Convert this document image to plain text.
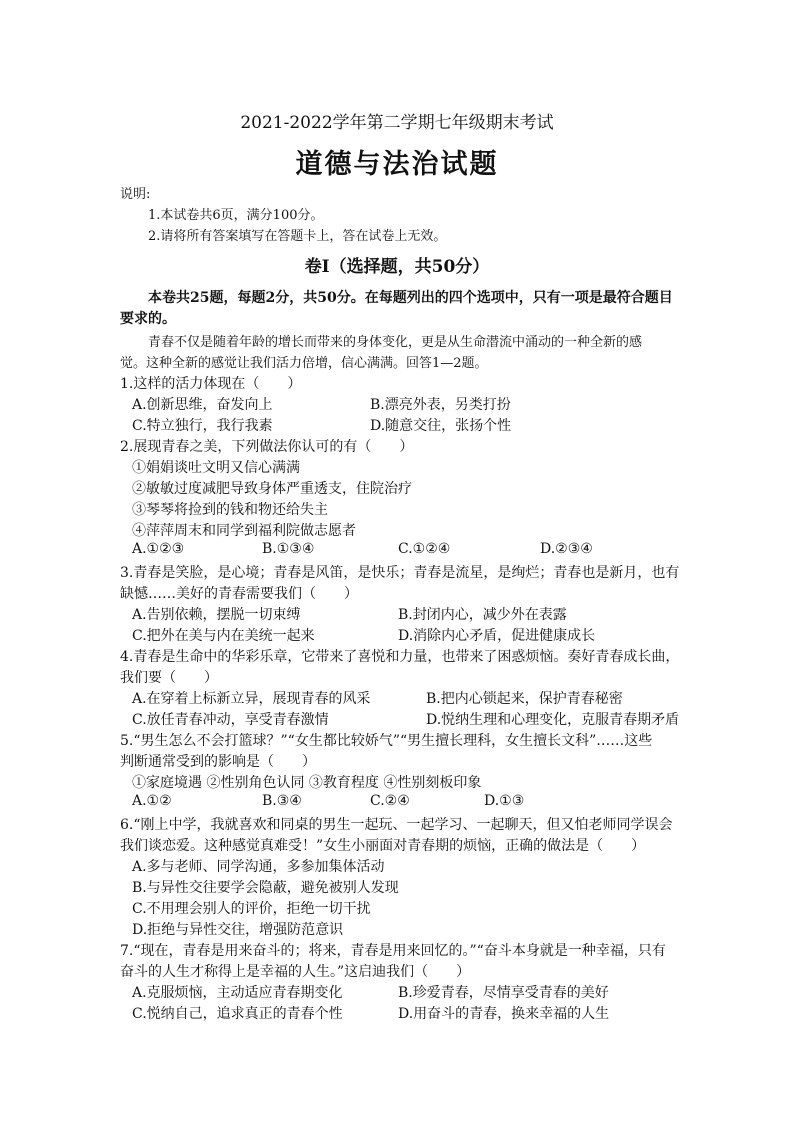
2021-2022学年第二学期七年级期末考试
道德与法治试题
说明:
1.本试卷共6页，满分100分。
2.请将所有答案填写在答题卡上，答在试卷上无效。
卷Ⅰ（选择题，共50分）
本卷共25题，每题2分，共50分。在每题列出的四个选项中，只有一项是最符合题目
要求的。
青春不仅是随着年龄的增长而带来的身体变化，更是从生命潜流中涌动的一种全新的感
觉。这种全新的感觉让我们活力倍增，信心满满。回答1—2题。
1.这样的活力体现在（　　）
A.创新思维，奋发向上	B.漂亮外表，另类打扮
C.特立独行，我行我素	D.随意交往，张扬个性
2.展现青春之美，下列做法你认可的有（　　）
①娟娟谈吐文明又信心满满
②敏敏过度减肥导致身体严重透支，住院治疗
③琴琴将捡到的钱和物还给失主
④萍萍周末和同学到福利院做志愿者
A.①②③	B.①③④	C.①②④	D.②③④
3.青春是笑脸，是心境；青春是风笛，是快乐；青春是流星，是绚烂；青春也是新月，也有
缺憾……美好的青春需要我们（　　）
A.告别依赖，摆脱一切束缚	B.封闭内心，减少外在表露
C.把外在美与内在美统一起来	D.消除内心矛盾，促进健康成长
4.青春是生命中的华彩乐章，它带来了喜悦和力量，也带来了困惑烦恼。奏好青春成长曲，
我们要（　　）
A.在穿着上标新立异，展现青春的风采	B.把内心锁起来，保护青春秘密
C.放任青春冲动，享受青春激情	D.悦纳生理和心理变化，克服青春期矛盾
5.“男生怎么不会打篮球？”“女生都比较娇气”“男生擅长理科，女生擅长文科”……这些
判断通常受到的影响是（　　）
①家庭境遇 ②性别角色认同 ③教育程度 ④性别刻板印象
A.①②	B.③④	C.②④	D.①③
6.“刚上中学，我就喜欢和同桌的男生一起玩、一起学习、一起聊天，但又怕老师同学误会
我们谈恋爱。这种感觉真难受！”女生小丽面对青春期的烦恼，正确的做法是（　　）
A.多与老师、同学沟通，多参加集体活动
B.与异性交往要学会隐蔽，避免被别人发现
C.不用理会别人的评价，拒绝一切干扰
D.拒绝与异性交往，增强防范意识
7.“现在，青春是用来奋斗的；将来，青春是用来回忆的。”“奋斗本身就是一种幸福，只有
奋斗的人生才称得上是幸福的人生。”这启迪我们（　　）
A.克服烦恼，主动适应青春期变化	B.珍爱青春，尽情享受青春的美好
C.悦纳自己，追求真正的青春个性	D.用奋斗的青春，换来幸福的人生
